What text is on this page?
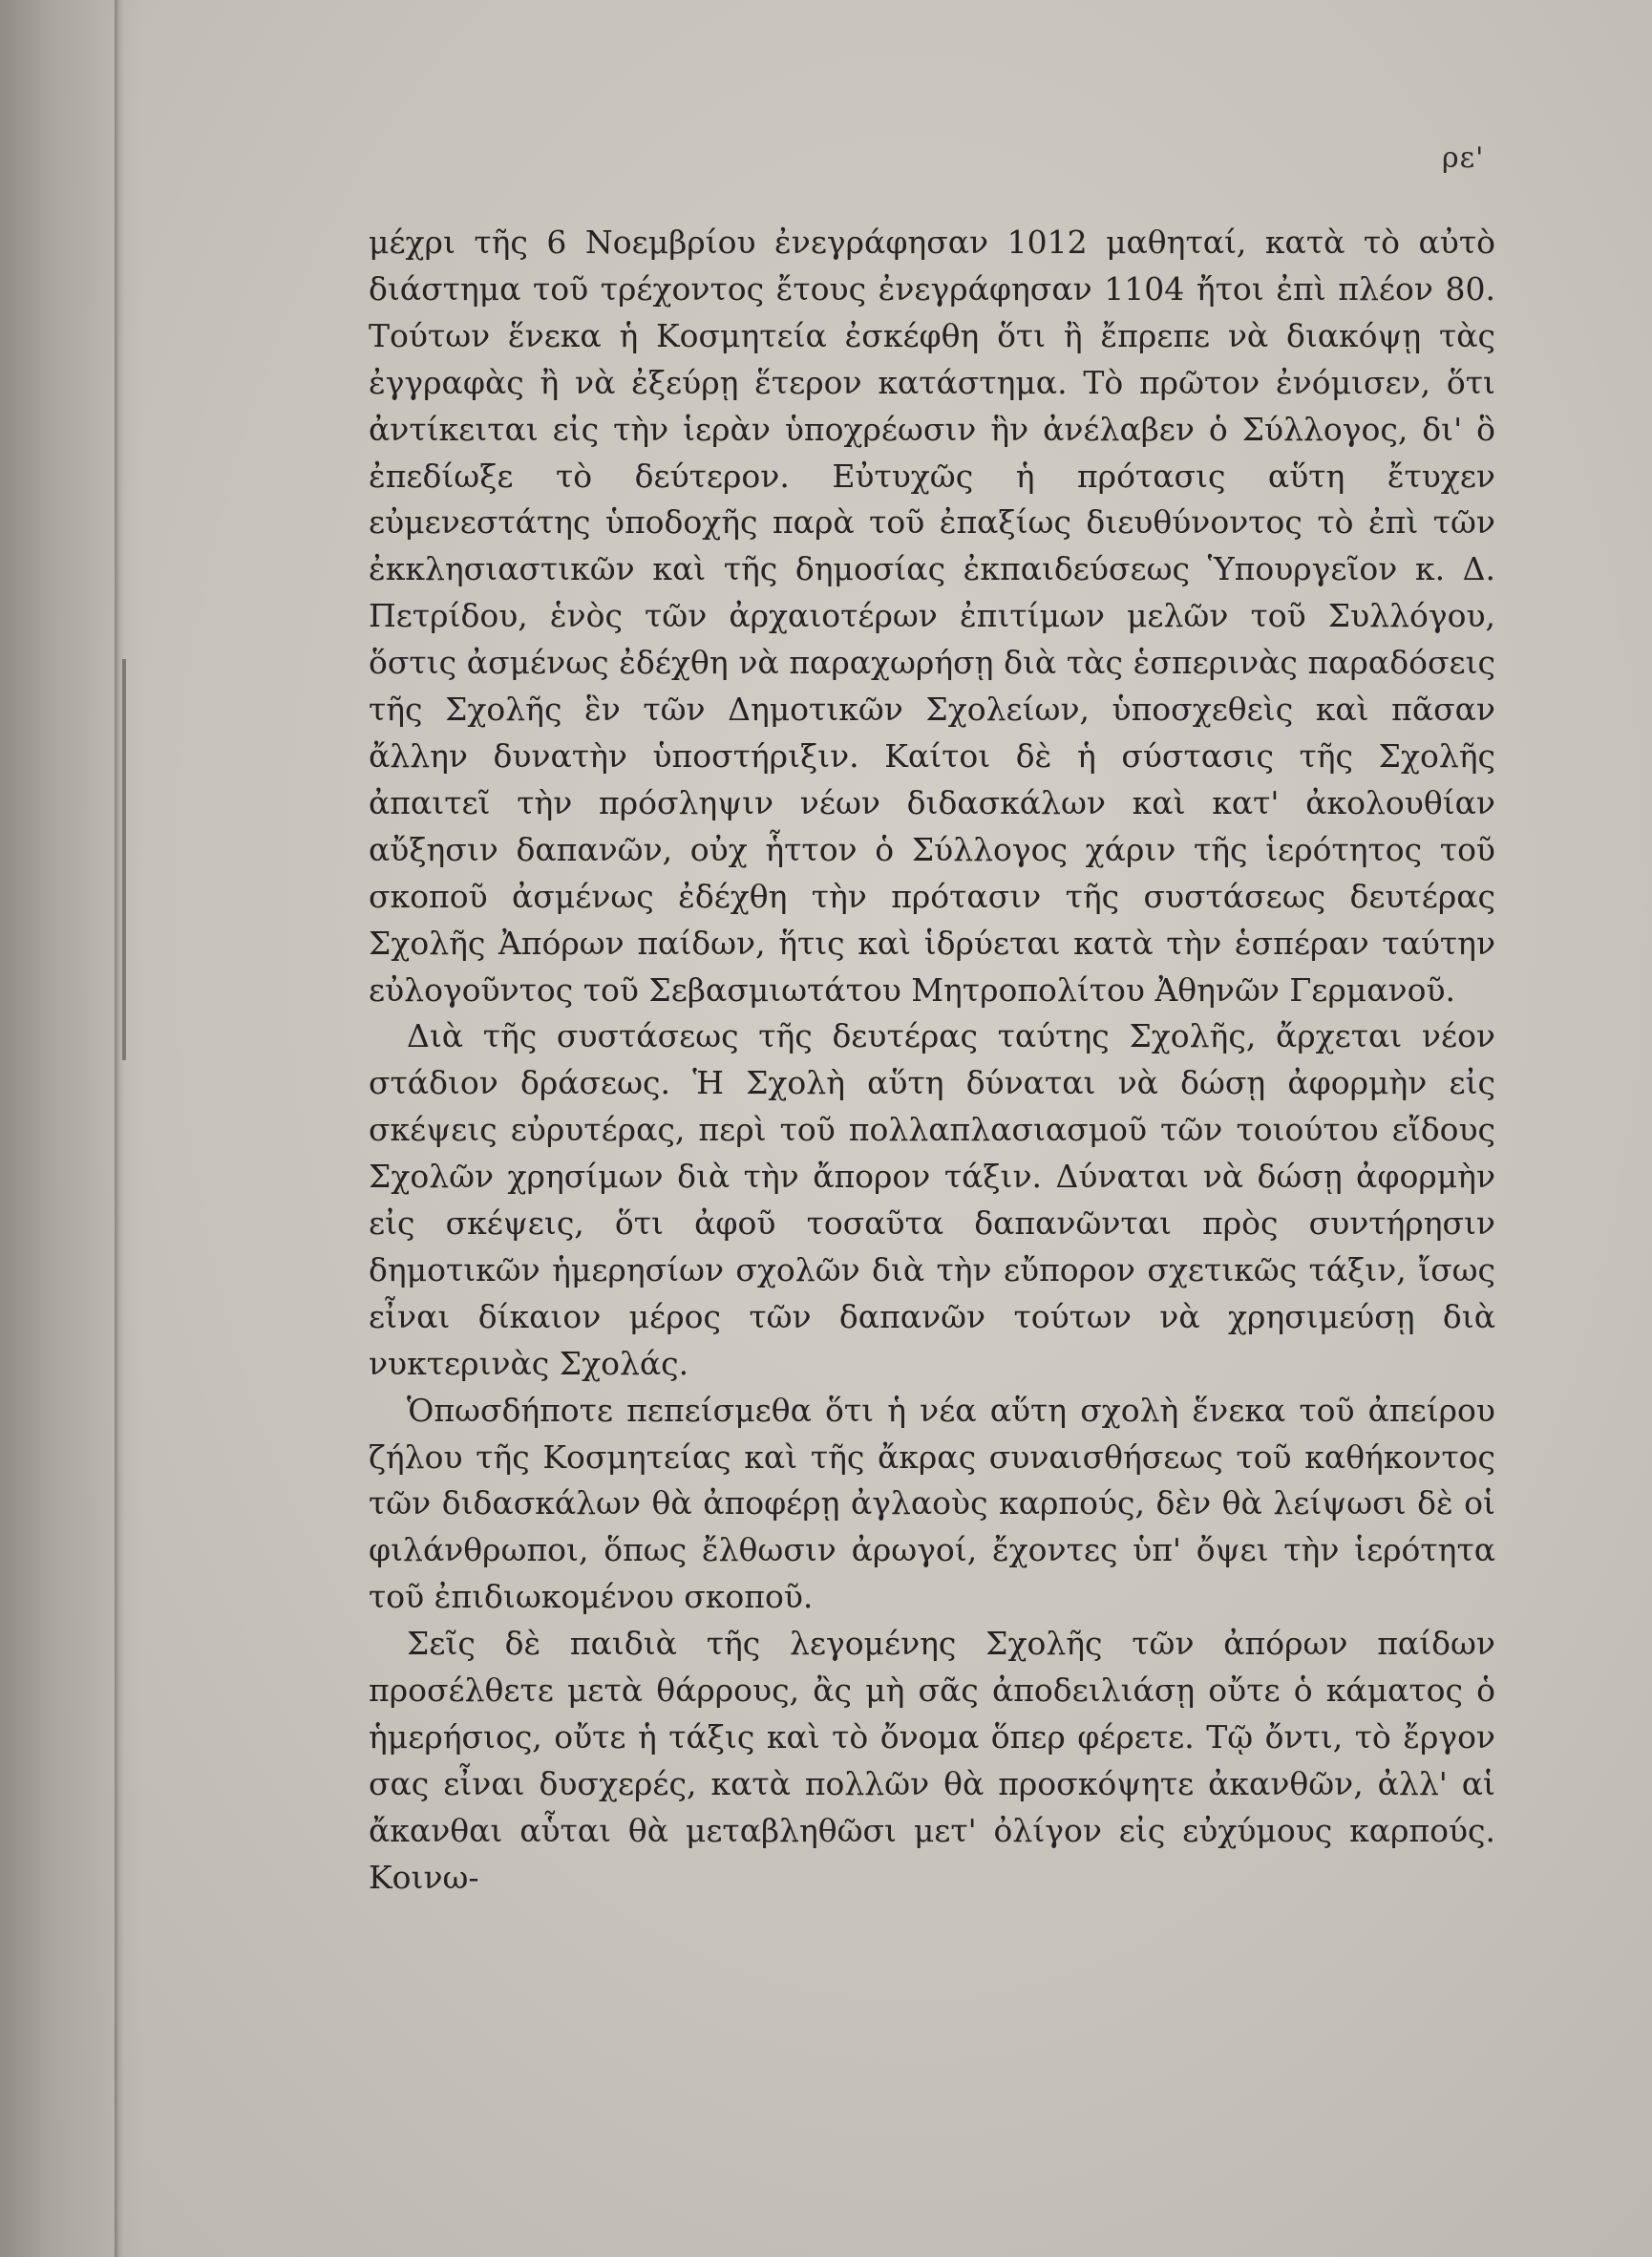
ρε'

μέχρι τῆς 6 Νοεμβρίου ἐνεγράφησαν 1012 μαθηταί, κατὰ τὸ αὐτὸ διάστημα τοῦ τρέχοντος ἔτους ἐνεγράφησαν 1104 ἤτοι ἐπὶ πλέον 80. Τούτων ἕνεκα ἡ Κοσμητεία ἐσκέφθη ὅτι ἢ ἔπρεπε νὰ διακόψῃ τὰς ἐγγραφὰς ἢ νὰ ἐξεύρῃ ἕτερον κατάστημα. Τὸ πρῶτον ἐνόμισεν, ὅτι ἀντίκειται εἰς τὴν ἱερὰν ὑποχρέωσιν ἣν ἀνέλαβεν ὁ Σύλλογος, δι' ὃ ἐπεδίωξε τὸ δεύτερον. Εὐτυχῶς ἡ πρότασις αὕτη ἔτυχεν εὐμενεστάτης ὑποδοχῆς παρὰ τοῦ ἐπαξίως διευθύνοντος τὸ ἐπὶ τῶν ἐκκλησιαστικῶν καὶ τῆς δημοσίας ἐκπαιδεύσεως Ὑπουργεῖον κ. Δ. Πετρίδου, ἑνὸς τῶν ἀρχαιοτέρων ἐπιτίμων μελῶν τοῦ Συλλόγου, ὅστις ἀσμένως ἐδέχθη νὰ παραχωρήσῃ διὰ τὰς ἑσπερινὰς παραδόσεις τῆς Σχολῆς ἓν τῶν Δημοτικῶν Σχολείων, ὑποσχεθεὶς καὶ πᾶσαν ἄλλην δυνατὴν ὑποστήριξιν. Καίτοι δὲ ἡ σύστασις τῆς Σχολῆς ἀπαιτεῖ τὴν πρόσληψιν νέων διδασκάλων καὶ κατ' ἀκολουθίαν αὔξησιν δαπανῶν, οὐχ ἧττον ὁ Σύλλογος χάριν τῆς ἱερότητος τοῦ σκοποῦ ἀσμένως ἐδέχθη τὴν πρότασιν τῆς συστάσεως δευτέρας Σχολῆς Ἀπόρων παίδων, ἥτις καὶ ἱδρύεται κατὰ τὴν ἑσπέραν ταύτην εὐλογοῦντος τοῦ Σεβασμιωτάτου Μητροπολίτου Ἀθηνῶν Γερμανοῦ.

Διὰ τῆς συστάσεως τῆς δευτέρας ταύτης Σχολῆς, ἄρχεται νέον στάδιον δράσεως. Ἡ Σχολὴ αὕτη δύναται νὰ δώσῃ ἀφορμὴν εἰς σκέψεις εὐρυτέρας, περὶ τοῦ πολλαπλασιασμοῦ τῶν τοιούτου εἴδους Σχολῶν χρησίμων διὰ τὴν ἄπορον τάξιν. Δύναται νὰ δώσῃ ἀφορμὴν εἰς σκέψεις, ὅτι ἀφοῦ τοσαῦτα δαπανῶνται πρὸς συντήρησιν δημοτικῶν ἡμερησίων σχολῶν διὰ τὴν εὔπορον σχετικῶς τάξιν, ἴσως εἶναι δίκαιον μέρος τῶν δαπανῶν τούτων νὰ χρησιμεύσῃ διὰ νυκτερινὰς Σχολάς.

Ὁπωσδήποτε πεπείσμεθα ὅτι ἡ νέα αὕτη σχολὴ ἕνεκα τοῦ ἀπείρου ζήλου τῆς Κοσμητείας καὶ τῆς ἄκρας συναισθήσεως τοῦ καθήκοντος τῶν διδασκάλων θὰ ἀποφέρῃ ἀγλαοὺς καρπούς, δὲν θὰ λείψωσι δὲ οἱ φιλάνθρωποι, ὅπως ἔλθωσιν ἀρωγοί, ἔχοντες ὑπ' ὄψει τὴν ἱερότητα τοῦ ἐπιδιωκομένου σκοποῦ.

Σεῖς δὲ παιδιὰ τῆς λεγομένης Σχολῆς τῶν ἀπόρων παίδων προσέλθετε μετὰ θάρρους, ἂς μὴ σᾶς ἀποδειλιάσῃ οὔτε ὁ κάματος ὁ ἡμερήσιος, οὔτε ἡ τάξις καὶ τὸ ὄνομα ὅπερ φέρετε. Τῷ ὄντι, τὸ ἔργον σας εἶναι δυσχερές, κατὰ πολλῶν θὰ προσκόψητε ἀκανθῶν, ἀλλ' αἱ ἄκανθαι αὗται θὰ μεταβληθῶσι μετ' ὀλίγον εἰς εὐχύμους καρπούς. Κοινω-
